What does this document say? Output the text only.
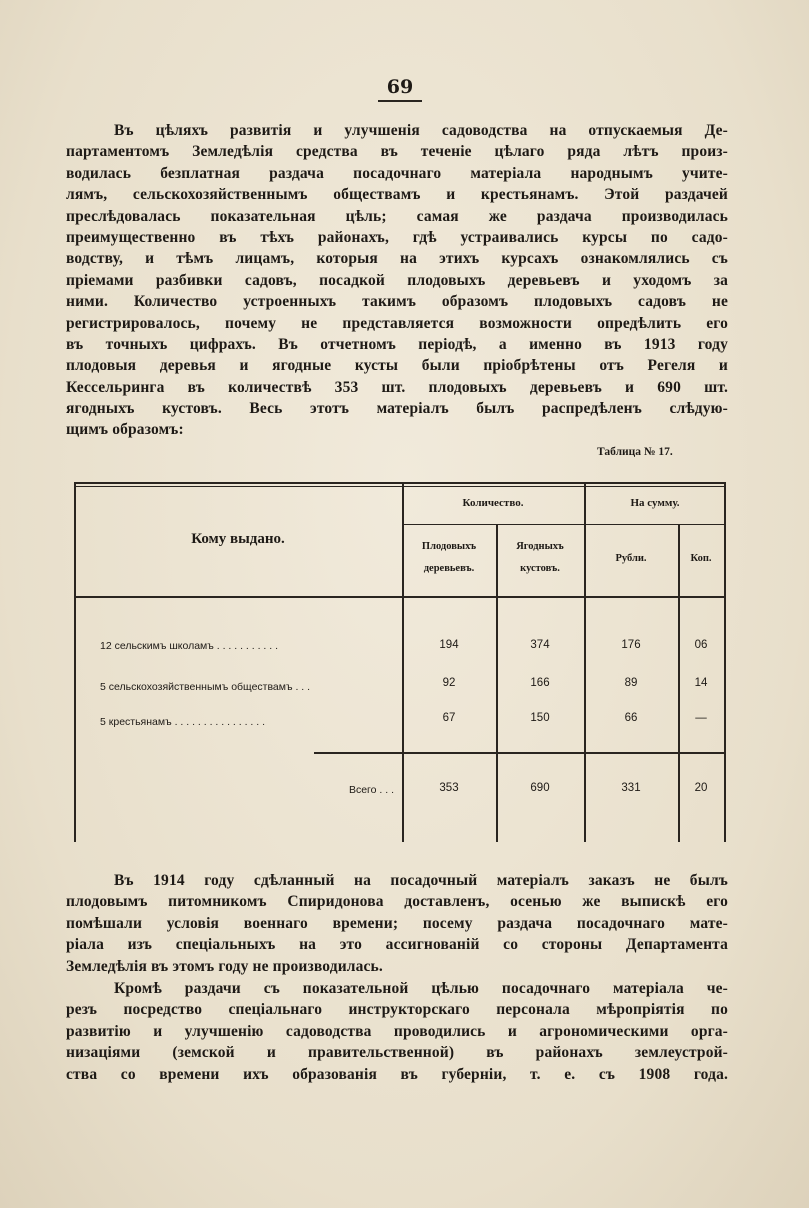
69
Въ цѣляхъ развитія и улучшенія садоводства на отпускаемыя Де-
партаментомъ Земледѣлія средства въ теченіе цѣлаго ряда лѣтъ произ-
водилась безплатная раздача посадочнаго матеріала народнымъ учите-
лямъ, сельскохозяйственнымъ обществамъ и крестьянамъ. Этой раздачей
преслѣдовалась показательная цѣль; самая же раздача производилась
преимущественно въ тѣхъ районахъ, гдѣ устраивались курсы по садо-
водству, и тѣмъ лицамъ, которыя на этихъ курсахъ ознакомлялись съ
пріемами разбивки садовъ, посадкой плодовыхъ деревьевъ и уходомъ за
ними. Количество устроенныхъ такимъ образомъ плодовыхъ садовъ не
регистрировалось, почему не представляется возможности опредѣлить его
въ точныхъ цифрахъ. Въ отчетномъ періодѣ, а именно въ 1913 году
плодовыя деревья и ягодные кусты были пріобрѣтены отъ Регеля и
Кессельринга въ количествѣ 353 шт. плодовыхъ деревьевъ и 690 шт.
ягодныхъ кустовъ. Весь этотъ матеріалъ былъ распредѣленъ слѣдую-
щимъ образомъ:
Таблица № 17.
Кому выдано.
Количество.	На сумму.
Плодовыхъ
деревьевъ.
Ягодныхъ
кустовъ.
Рубли.	Коп.
12 сельскимъ школамъ . . . . . . . . . . .	194	374	176	06
5 сельскохозяйственнымъ обществамъ . . .	92	166	89	14
5 крестьянамъ . . . . . . . . . . . . . . . .	67	150	66	—
Всего . . .	353	690	331	20
Въ 1914 году сдѣланный на посадочный матеріалъ заказъ не былъ
плодовымъ питомникомъ Спиридонова доставленъ, осенью же выпискѣ его
помѣшали условія военнаго времени; посему раздача посадочнаго мате-
ріала изъ спеціальныхъ на это ассигнованій со стороны Департамента
Земледѣлія въ этомъ году не производилась.
Кромѣ раздачи съ показательной цѣлью посадочнаго матеріала че-
резъ посредство спеціальнаго инструкторскаго персонала мѣропріятія по
развитію и улучшенію садоводства проводились и агрономическими орга-
низаціями (земской и правительственной) въ районахъ землеустрой-
ства со времени ихъ образованія въ губерніи, т. е. съ 1908 года.
